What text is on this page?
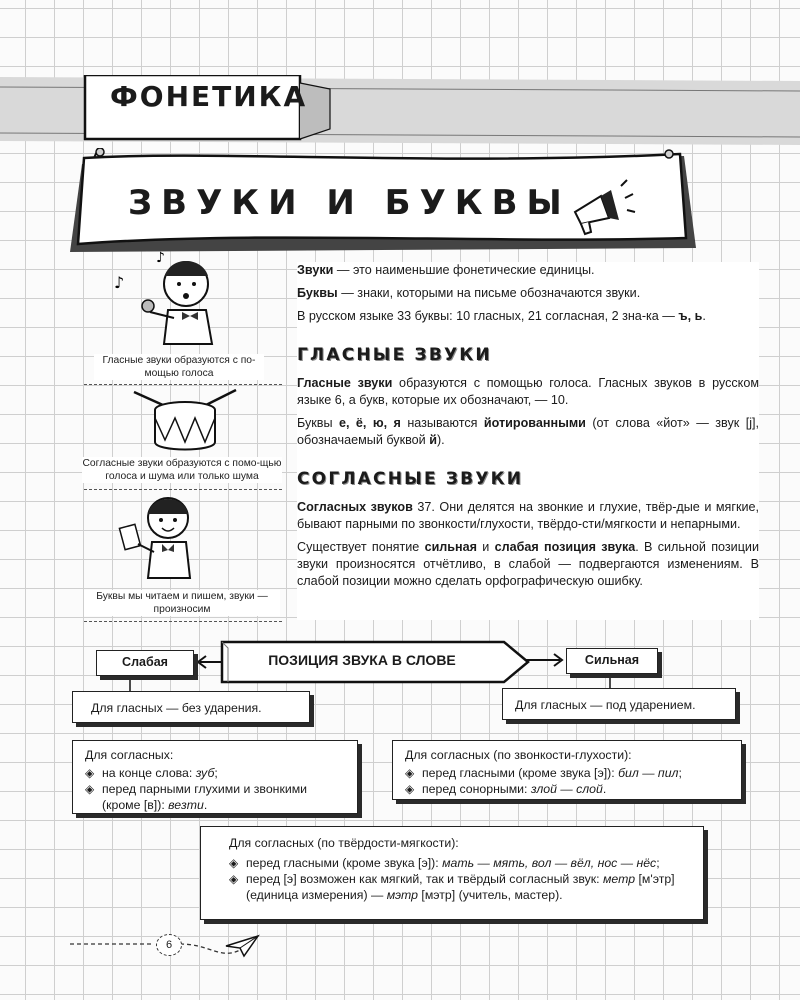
ФОНЕТИКА
ЗВУКИ И БУКВЫ
♪
♪
Гласные звуки образуются с по-мощью голоса
Согласные звуки образуются с помо-щью голоса и шума или только шума
Буквы мы читаем и пишем, звуки — произносим

Звуки — это наименьшие фонетические единицы.

Буквы — знаки, которыми на письме обозначаются звуки.

В русском языке 33 буквы: 10 гласных, 21 согласная, 2 зна-ка — ъ, ь.

ГЛАСНЫЕ ЗВУКИ

Гласные звуки образуются с помощью голоса. Гласных звуков в русском языке 6, а букв, которые их обозначают, — 10.

Буквы е, ё, ю, я называются йотированными (от слова «йот» — звук [j], обозначаемый буквой й).

СОГЛАСНЫЕ ЗВУКИ

Согласных звуков 37. Они делятся на звонкие и глухие, твёр-дые и мягкие, бывают парными по звонкости/глухости, твёрдо-сти/мягкости и непарными.

Существует понятие сильная и слабая позиция звука. В сильной позиции звуки произносятся отчётливо, в слабой — подвергаются изменениям. В слабой позиции можно сделать орфографическую ошибку.

ПОЗИЦИЯ ЗВУКА В СЛОВЕ
Слабая	Сильная
Для гласных — без ударения.	Для гласных — под ударением.
Для согласных:
◈ на конце слова: зуб;
◈ перед парными глухими и звонкими (кроме [в]): везти.
Для согласных (по звонкости-глухости):
◈ перед гласными (кроме звука [э]): бил — пил;
◈ перед сонорными: злой — слой.
Для согласных (по твёрдости-мягкости):
◈ перед гласными (кроме звука [э]): мать — мять, вол — вёл, нос — нёс;
◈ перед [э] возможен как мягкий, так и твёрдый согласный звук: метр [м'этр] (единица измерения) — мэтр [мэтр] (учитель, мастер).
6
